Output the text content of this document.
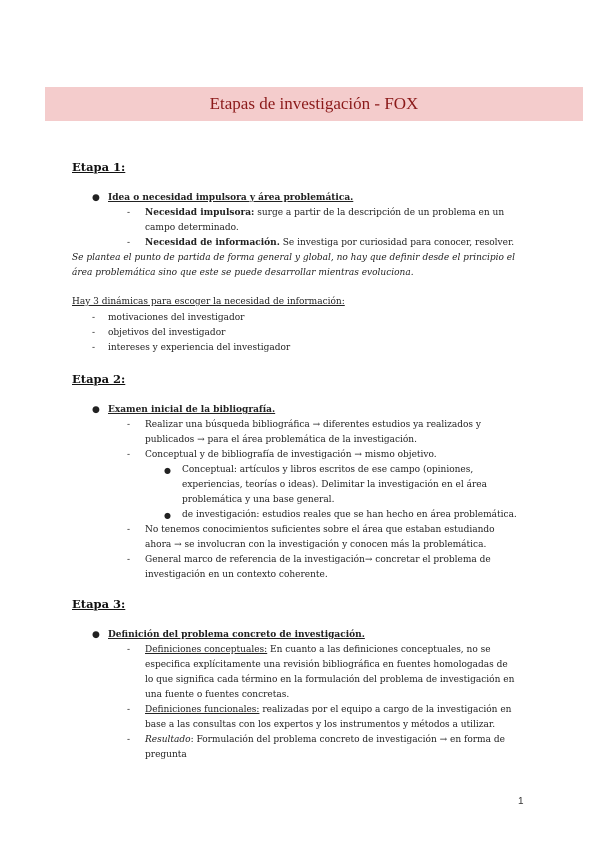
Etapas de investigación - FOX
Etapa 1:
● Idea o necesidad impulsora y área problemática.
- Necesidad impulsora: surge a partir de la descripción de un problema en un
campo determinado.
- Necesidad de información. Se investiga por curiosidad para conocer, resolver.
Se plantea el punto de partida de forma general y global, no hay que definir desde el principio el
área problemática sino que este se puede desarrollar mientras evoluciona.
Hay 3 dinámicas para escoger la necesidad de información:
- motivaciones del investigador
- objetivos del investigador
- intereses y experiencia del investigador
Etapa 2:
● Examen inicial de la bibliografía.
- Realizar una búsqueda bibliográfica → diferentes estudios ya realizados y
publicados → para el área problemática de la investigación.
- Conceptual y de bibliografía de investigación → mismo objetivo.
● Conceptual: artículos y libros escritos de ese campo (opiniones,
experiencias, teorías o ideas). Delimitar la investigación en el área
problemática y una base general.
● de investigación: estudios reales que se han hecho en área problemática.
- No tenemos conocimientos suficientes sobre el área que estaban estudiando
ahora → se involucran con la investigación y conocen más la problemática.
- General marco de referencia de la investigación→ concretar el problema de
investigación en un contexto coherente.
Etapa 3:
● Definición del problema concreto de investigación.
- Definiciones conceptuales: En cuanto a las definiciones conceptuales, no se
especifica explícitamente una revisión bibliográfica en fuentes homologadas de
lo que significa cada término en la formulación del problema de investigación en
una fuente o fuentes concretas.
- Definiciones funcionales: realizadas por el equipo a cargo de la investigación en
base a las consultas con los expertos y los instrumentos y métodos a utilizar.
- Resultado: Formulación del problema concreto de investigación → en forma de
pregunta
1
